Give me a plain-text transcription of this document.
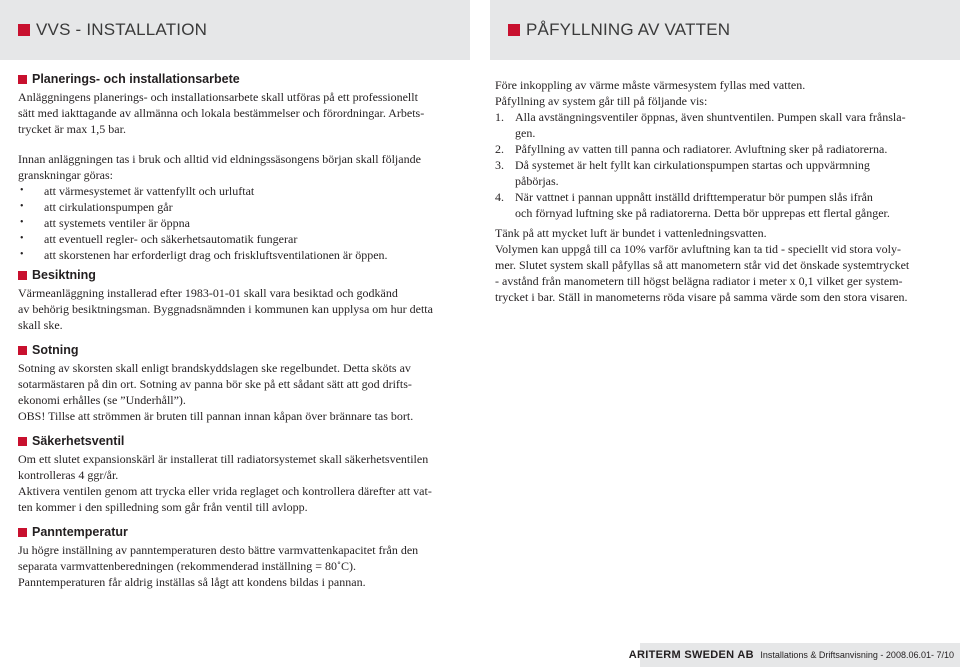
VVS - INSTALLATION	PÅFYLLNING AV VATTEN
Planerings- och installationsarbete

Anläggningens planerings- och installationsarbete skall utföras på ett professionellt

sätt med iakttagande av allmänna och lokala bestämmelser och förordningar. Arbets-

trycket är max 1,5 bar.

Innan anläggningen tas i bruk och alltid vid eldningssäsongens början skall följande

granskningar göras:

• att värmesystemet är vattenfyllt och urluftat
• att cirkulationspumpen går
• att systemets ventiler är öppna
• att eventuell regler- och säkerhetsautomatik fungerar
• att skorstenen har erforderligt drag och friskluftsventilationen är öppen.
Besiktning

Värmeanläggning installerad efter 1983-01-01 skall vara besiktad och godkänd

av behörig besiktningsman. Byggnadsnämnden i kommunen kan upplysa om hur detta

skall ske.

Sotning

Sotning av skorsten skall enligt brandskyddslagen ske regelbundet. Detta sköts av

sotarmästaren på din ort. Sotning av panna bör ske på ett sådant sätt att god drifts-

ekonomi erhålles (se ”Underhåll”).

OBS! Tillse att strömmen är bruten till pannan innan kåpan över brännare tas bort.

Säkerhetsventil

Om ett slutet expansionskärl är installerat till radiatorsystemet skall säkerhetsventilen

kontrolleras 4 ggr/år.

Aktivera ventilen genom att trycka eller vrida reglaget och kontrollera därefter att vat-

ten kommer i den spilledning som går från ventil till avlopp.

Panntemperatur

Ju högre inställning av panntemperaturen desto bättre varmvattenkapacitet från den

separata varmvattenberedningen (rekommenderad inställning = 80˚C).

Panntemperaturen får aldrig inställas så lågt att kondens bildas i pannan.

Före inkoppling av värme måste värmesystem fyllas med vatten.

Påfyllning av system går till på följande vis:

1. Alla avstängningsventiler öppnas, även shuntventilen. Pumpen skall vara frånsla-
gen.
2. Påfyllning av vatten till panna och radiatorer. Avluftning sker på radiatorerna.
3. Då systemet är helt fyllt kan cirkulationspumpen startas och uppvärmning
påbörjas.
4. När vattnet i pannan uppnått inställd drifttemperatur bör pumpen slås ifrån
och förnyad luftning ske på radiatorerna. Detta bör upprepas ett flertal gånger.

Tänk på att mycket luft är bundet i vattenledningsvatten.

Volymen kan uppgå till ca 10% varför avluftning kan ta tid - speciellt vid stora voly-

mer. Slutet system skall påfyllas så att manometern står vid det önskade systemtrycket

- avstånd från manometern till högst belägna radiator i meter x 0,1 vilket ger system-

trycket i bar. Ställ in manometerns röda visare på samma värde som den stora visaren.

ARITERM SWEDEN AB Installations & Driftsanvisning - 2008.06.01- 7/10
